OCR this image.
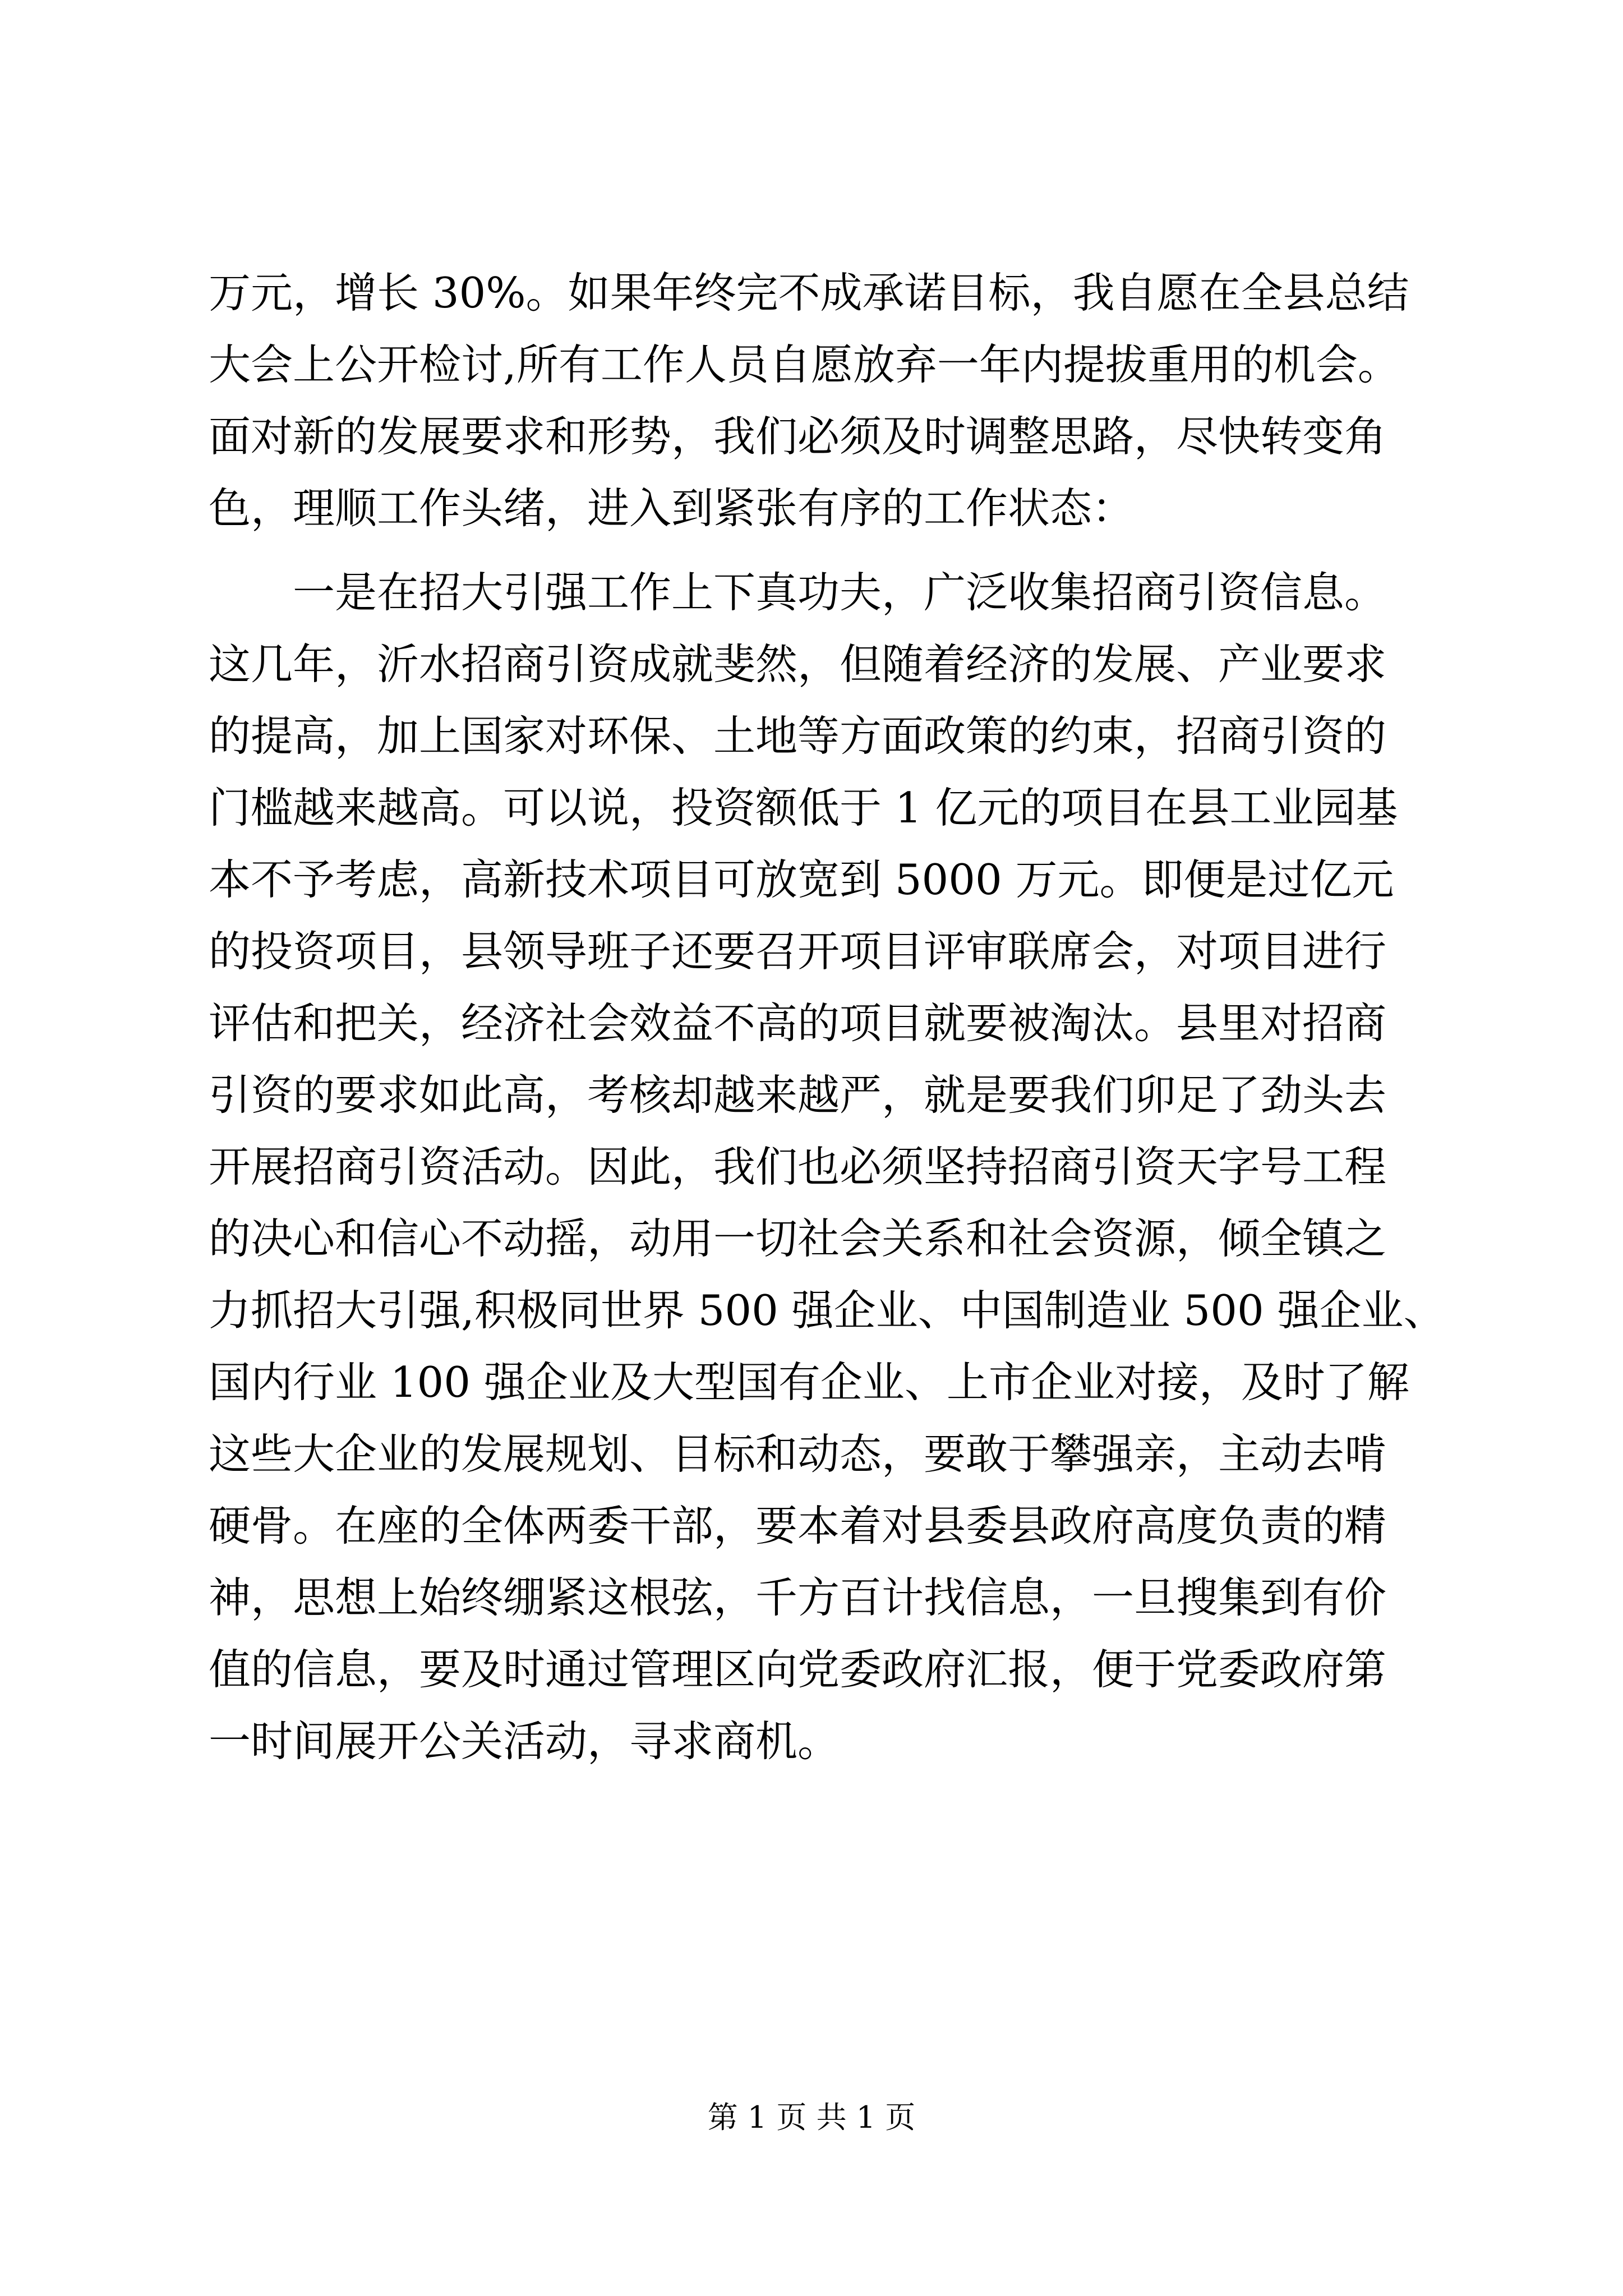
万元，增长 30%。如果年终完不成承诺目标，我自愿在全县总结
大会上公开检讨,所有工作人员自愿放弃一年内提拔重用的机会。
面对新的发展要求和形势，我们必须及时调整思路，尽快转变角
色，理顺工作头绪，进入到紧张有序的工作状态：
一是在招大引强工作上下真功夫，广泛收集招商引资信息。
这几年，沂水招商引资成就斐然，但随着经济的发展、产业要求
的提高，加上国家对环保、土地等方面政策的约束，招商引资的
门槛越来越高。可以说，投资额低于 1 亿元的项目在县工业园基
本不予考虑，高新技术项目可放宽到 5000 万元。即便是过亿元
的投资项目，县领导班子还要召开项目评审联席会，对项目进行
评估和把关，经济社会效益不高的项目就要被淘汰。县里对招商
引资的要求如此高，考核却越来越严，就是要我们卯足了劲头去
开展招商引资活动。因此，我们也必须坚持招商引资天字号工程
的决心和信心不动摇，动用一切社会关系和社会资源，倾全镇之
力抓招大引强,积极同世界 500 强企业、中国制造业 500 强企业、
国内行业 100 强企业及大型国有企业、上市企业对接，及时了解
这些大企业的发展规划、目标和动态，要敢于攀强亲，主动去啃
硬骨。在座的全体两委干部，要本着对县委县政府高度负责的精
神，思想上始终绷紧这根弦，千方百计找信息，一旦搜集到有价
值的信息，要及时通过管理区向党委政府汇报，便于党委政府第
一时间展开公关活动，寻求商机。
第 1 页 共 1 页
